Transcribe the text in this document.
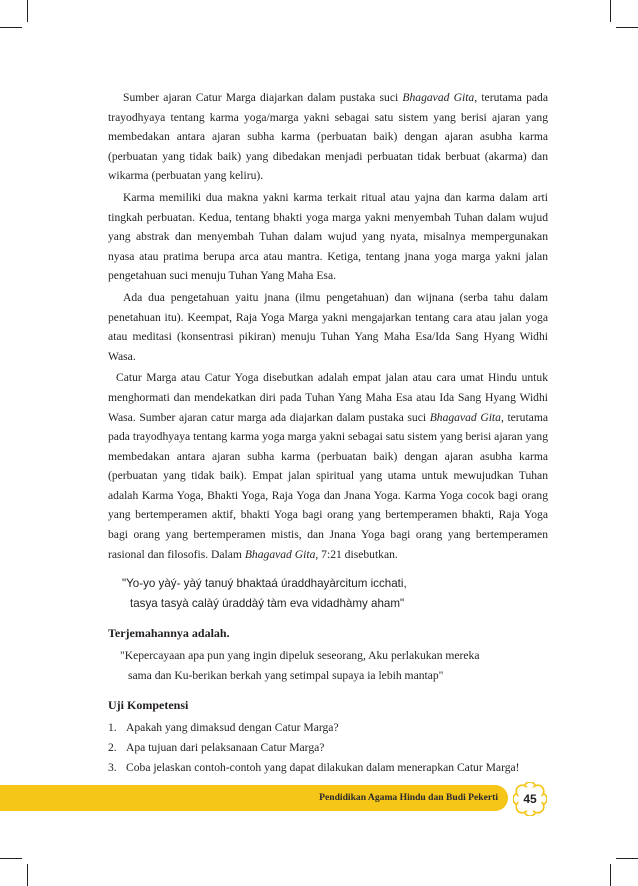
Sumber ajaran Catur Marga diajarkan dalam pustaka suci Bhagavad Gita, terutama pada trayodhyaya tentang karma yoga/marga yakni sebagai satu sistem yang berisi ajaran yang membedakan antara ajaran subha karma (perbuatan baik) dengan ajaran asubha karma (perbuatan yang tidak baik) yang dibedakan menjadi perbuatan tidak berbuat (akarma) dan wikarma (perbuatan yang keliru).

Karma memiliki dua makna yakni karma terkait ritual atau yajna dan karma dalam arti tingkah perbuatan. Kedua, tentang bhakti yoga marga yakni menyembah Tuhan dalam wujud yang abstrak dan menyembah Tuhan dalam wujud yang nyata, misalnya mempergunakan nyasa atau pratima berupa arca atau mantra. Ketiga, tentang jnana yoga marga yakni jalan pengetahuan suci menuju Tuhan Yang Maha Esa.

Ada dua pengetahuan yaitu jnana (ilmu pengetahuan) dan wijnana (serba tahu dalam penetahuan itu). Keempat, Raja Yoga Marga yakni mengajarkan tentang cara atau jalan yoga atau meditasi (konsentrasi pikiran) menuju Tuhan Yang Maha Esa/Ida Sang Hyang Widhi Wasa.

Catur Marga atau Catur Yoga disebutkan adalah empat jalan atau cara umat Hindu untuk menghormati dan mendekatkan diri pada Tuhan Yang Maha Esa atau Ida Sang Hyang Widhi Wasa. Sumber ajaran catur marga ada diajarkan dalam pustaka suci Bhagavad Gita, terutama pada trayodhyaya tentang karma yoga marga yakni sebagai satu sistem yang berisi ajaran yang membedakan antara ajaran subha karma (perbuatan baik) dengan ajaran asubha karma (perbuatan yang tidak baik). Empat jalan spiritual yang utama untuk mewujudkan Tuhan adalah Karma Yoga, Bhakti Yoga, Raja Yoga dan Jnana Yoga. Karma Yoga cocok bagi orang yang bertemperamen aktif, bhakti Yoga bagi orang yang bertemperamen bhakti, Raja Yoga bagi orang yang bertemperamen mistis, dan Jnana Yoga bagi orang yang bertemperamen rasional dan filosofis. Dalam Bhagavad Gita, 7:21 disebutkan.

"Yo-yo yàý- yàý tanuý bhaktaá úraddhayàrcitum icchati,
tasya tasyà calàý úraddàý tàm eva vidadhàmy aham"
Terjemahannya adalah.
"Kepercayaan apa pun yang ingin dipeluk seseorang, Aku perlakukan mereka
sama dan Ku-berikan berkah yang setimpal supaya ia lebih mantap"
Uji Kompetensi
1. Apakah yang dimaksud dengan Catur Marga?
2. Apa tujuan dari pelaksanaan Catur Marga?
3. Coba jelaskan contoh-contoh yang dapat dilakukan dalam menerapkan Catur Marga!
Pendidikan Agama Hindu dan Budi Pekerti 45
